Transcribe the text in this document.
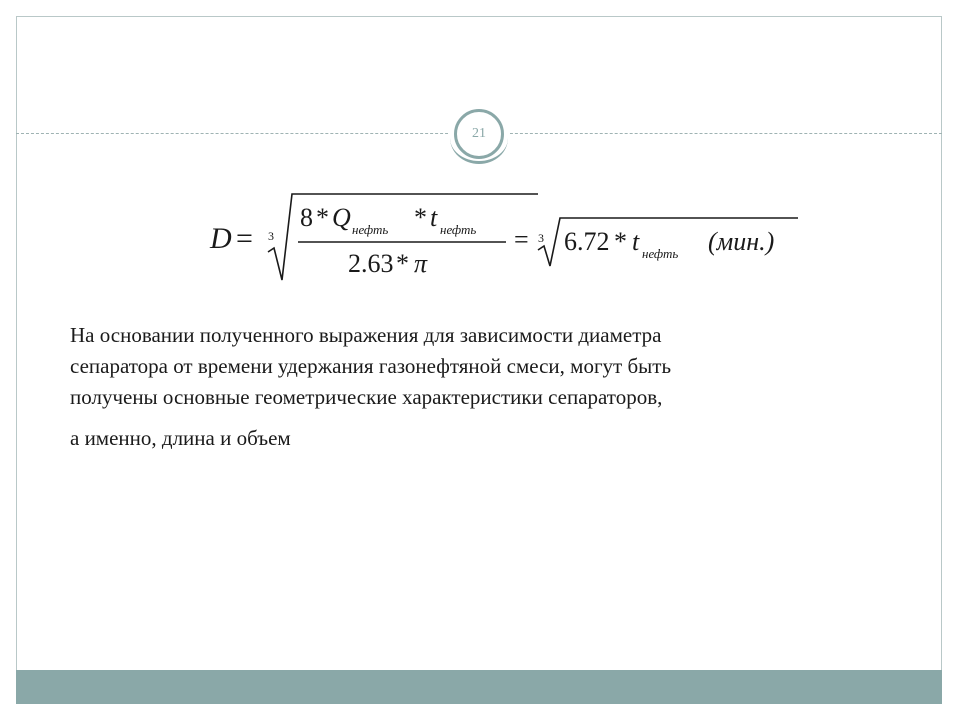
21
D = 3
8 * Q нефть * t нефть
2.63 * π
= 3 6.72 * t нефть (мин.)

На основании полученного выражения для зависимости диаметра

сепаратора от времени удержания газонефтяной смеси, могут быть

получены основные геометрические характеристики сепараторов,

а именно, длина и объем
